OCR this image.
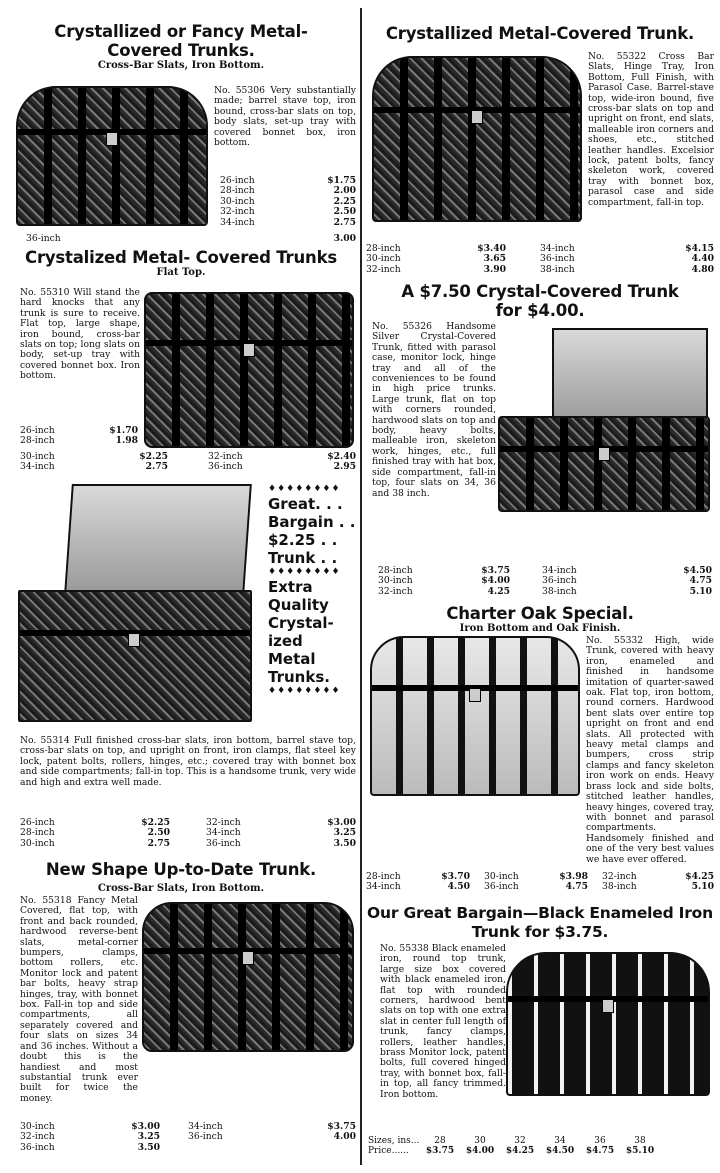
Crystallized or Fancy Metal-Covered Trunks.
Cross-Bar Slats, Iron Bottom.
No. 55306 Very substantially made; barrel stave top, iron bound, cross-bar slats on top, body slats, set-up tray with covered bonnet box, iron bottom.
26-inch	$1.75
28-inch	2.00
30-inch	2.25
32-inch	2.50
34-inch	2.75
36-inch	3.00
Crystalized Metal- Covered Trunks
Flat Top.
No. 55310 Will stand the hard knocks that any trunk is sure to receive. Flat top, large shape, iron bound, cross-bar slats on top; long slats on body, set-up tray with covered bonnet box. Iron bottom.
26-inch	$1.70
28-inch	1.98
30-inch	$2.25	32-inch	$2.40
34-inch	2.75	36-inch	2.95
♦♦♦♦♦♦♦♦
Great. . .
Bargain . .
$2.25 . .
Trunk . .
♦♦♦♦♦♦♦♦
Extra
Quality
Crystal-
ized
Metal
Trunks.
♦♦♦♦♦♦♦♦
No. 55314 Full finished cross-bar slats, iron bottom, barrel stave top, cross-bar slats on top, and upright on front, iron clamps, flat steel key lock, patent bolts, rollers, hinges, etc.; covered tray with bonnet box and side compartments; fall-in top. This is a handsome trunk, very wide and high and extra well made.
26-inch	$2.25	32-inch	$3.00
28-inch	2.50	34-inch	3.25
30-inch	2.75	36-inch	3.50
New Shape Up-to-Date Trunk.
Cross-Bar Slats, Iron Bottom.
No. 55318 Fancy Metal Covered, flat top, with front and back rounded, hardwood reverse-bent slats, metal-corner bumpers, clamps, bottom rollers, etc. Monitor lock and patent bar bolts, heavy strap hinges, tray, with bonnet box. Fall-in top and side compartments, all separately covered and four slats on sizes 34 and 36 inches. Without a doubt this is the handiest and most substantial trunk ever built for twice the money.
30-inch	$3.00	34-inch	$3.75
32-inch	3.25	36-inch	4.00
36-inch	3.50
Crystallized Metal-Covered Trunk.
No. 55322 Cross Bar Slats, Hinge Tray, Iron Bottom, Full Finish, with Parasol Case. Barrel-stave top, wide-iron bound, five cross-bar slats on top and upright on front, end slats, malleable iron corners and shoes, etc., stitched leather handles. Excelsior lock, patent bolts, fancy skeleton work, covered tray with bonnet box, parasol case and side compartment, fall-in top.
28-inch	$3.40	34-inch	$4.15
30-inch	3.65	36-inch	4.40
32-inch	3.90	38-inch	4.80
A $7.50 Crystal-Covered Trunk for $4.00.
No. 55326 Handsome Silver Crystal-Covered Trunk, fitted with parasol case, monitor lock, hinge tray and all of the conveniences to be found in high price trunks. Large trunk, flat on top with corners rounded, hardwood slats on top and body, heavy bolts, malleable iron, skeleton work, hinges, etc., full finished tray with hat box, side compartment, fall-in top, four slats on 34, 36 and 38 inch.
28-inch	$3.75	34-inch	$4.50
30-inch	$4.00	36-inch	4.75
32-inch	4.25	38-inch	5.10
Charter Oak Special.
Iron Bottom and Oak Finish.
No. 55332 High, wide Trunk, covered with heavy iron, enameled and finished in handsome imitation of quarter-sawed oak. Flat top, iron bottom, round corners. Hardwood bent slats over entire top upright on front and end slats. All protected with heavy metal clamps and bumpers, cross strip clamps and fancy skeleton iron work on ends. Heavy brass lock and side bolts, stitched leather handles, heavy hinges, covered tray, with bonnet and parasol compartments. Handsomely finished and one of the very best values we have ever offered.
28-inch	$3.70 30-inch	$3.98 32-inch	$4.25
34-inch	4.50 36-inch	4.75 38-inch	5.10
Our Great Bargain—Black Enameled Iron Trunk for $3.75.
No. 55338 Black enameled iron, round top trunk, large size box covered with black enameled iron, flat top with rounded corners, hardwood bent slats on top with one extra slat in center full length of trunk, fancy clamps, rollers, leather handles, brass Monitor lock, patent bolts, full covered hinged tray, with bonnet box, fall-in top, all fancy trimmed. Iron bottom.
Sizes, ins...	28	30	32	34	36	38
Price......	$3.75	$4.00	$4.25	$4.50	$4.75	$5.10
